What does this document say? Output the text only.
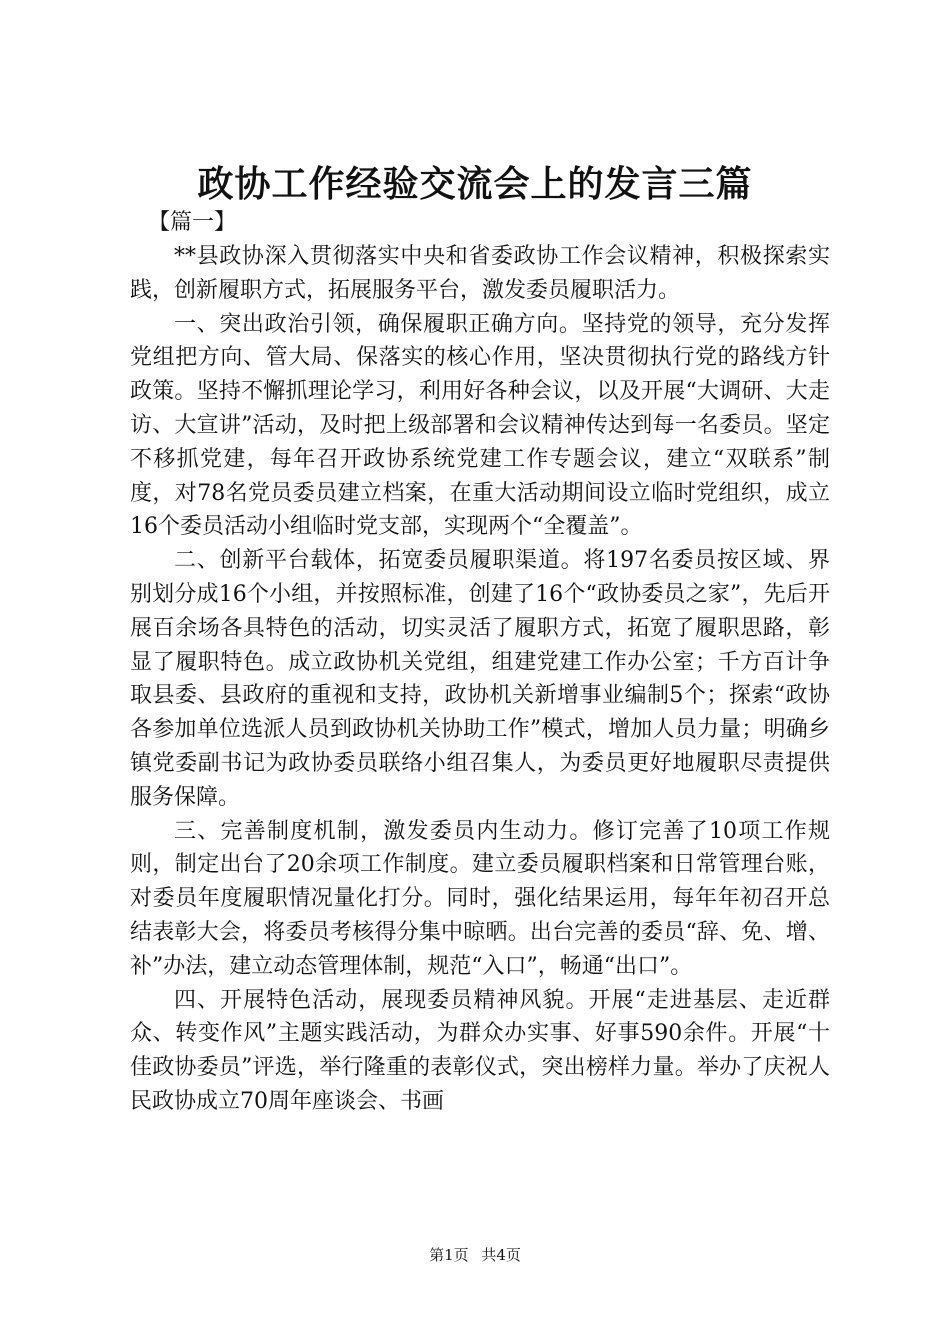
政协工作经验交流会上的发言三篇
【篇一】

**县政协深入贯彻落实中央和省委政协工作会议精神，积极探索实践，创新履职方式，拓展服务平台，激发委员履职活力。

一、突出政治引领，确保履职正确方向。坚持党的领导，充分发挥党组把方向、管大局、保落实的核心作用，坚决贯彻执行党的路线方针政策。坚持不懈抓理论学习，利用好各种会议，以及开展“大调研、大走访、大宣讲”活动，及时把上级部署和会议精神传达到每一名委员。坚定不移抓党建，每年召开政协系统党建工作专题会议，建立“双联系”制度，对78名党员委员建立档案，在重大活动期间设立临时党组织，成立16个委员活动小组临时党支部，实现两个“全覆盖”。

二、创新平台载体，拓宽委员履职渠道。将197名委员按区域、界别划分成16个小组，并按照标准，创建了16个“政协委员之家”，先后开展百余场各具特色的活动，切实灵活了履职方式，拓宽了履职思路，彰显了履职特色。成立政协机关党组，组建党建工作办公室；千方百计争取县委、县政府的重视和支持，政协机关新增事业编制5个；探索“政协各参加单位选派人员到政协机关协助工作”模式，增加人员力量；明确乡镇党委副书记为政协委员联络小组召集人，为委员更好地履职尽责提供服务保障。

三、完善制度机制，激发委员内生动力。修订完善了10项工作规则，制定出台了20余项工作制度。建立委员履职档案和日常管理台账，对委员年度履职情况量化打分。同时，强化结果运用，每年年初召开总结表彰大会，将委员考核得分集中晾晒。出台完善的委员“辞、免、增、补”办法，建立动态管理体制，规范“入口”，畅通“出口”。

四、开展特色活动，展现委员精神风貌。开展“走进基层、走近群众、转变作风”主题实践活动，为群众办实事、好事590余件。开展“十佳政协委员”评选，举行隆重的表彰仪式，突出榜样力量。举办了庆祝人民政协成立70周年座谈会、书画

第1页 共4页
